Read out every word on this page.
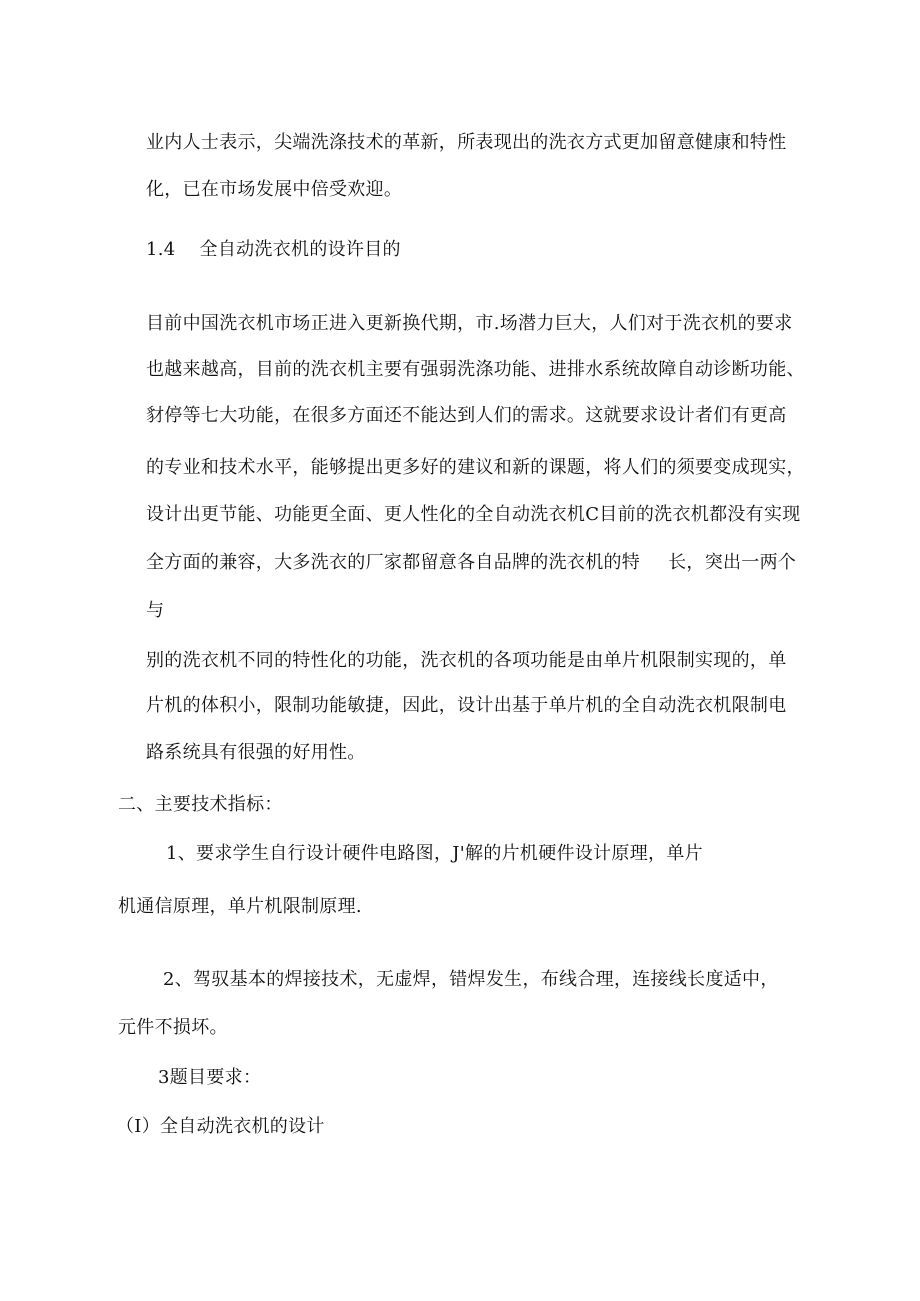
业内人士表示，尖端洗涤技术的革新，所表现出的洗衣方式更加留意健康和特性
化，已在市场发展中倍受欢迎。
1.4 全自动洗衣机的设许目的
目前中国洗衣机市场正进入更新换代期，市.场潜力巨大，人们对于洗衣机的要求
也越来越高，目前的洗衣机主要有强弱洗涤功能、进排水系统故障自动诊断功能、
豺停等七大功能，在很多方面还不能达到人们的需求。这就要求设计者们有更高
的专业和技术水平，能够提出更多好的建议和新的课题，将人们的须要变成现实，
设计出更节能、功能更全面、更人性化的全自动洗衣机C目前的洗衣机都没有实现
全方面的兼容，大多洗衣的厂家都留意各自品牌的洗衣机的特 长，突出一两个
与
别的洗衣机不同的特性化的功能，洗衣机的各项功能是由单片机限制实现的，单
片机的体积小，限制功能敏捷，因此，设计出基于单片机的全自动洗衣机限制电
路系统具有很强的好用性。
二、主要技术指标：
1、要求学生自行设计硬件电路图，J'解的片机硬件设计原理，单片
机通信原理，单片机限制原理.
2、驾驭基本的焊接技术，无虚焊，错焊发生，布线合理，连接线长度适中，
元件不损坏。
3题目要求：
（I）全自动洗衣机的设计
